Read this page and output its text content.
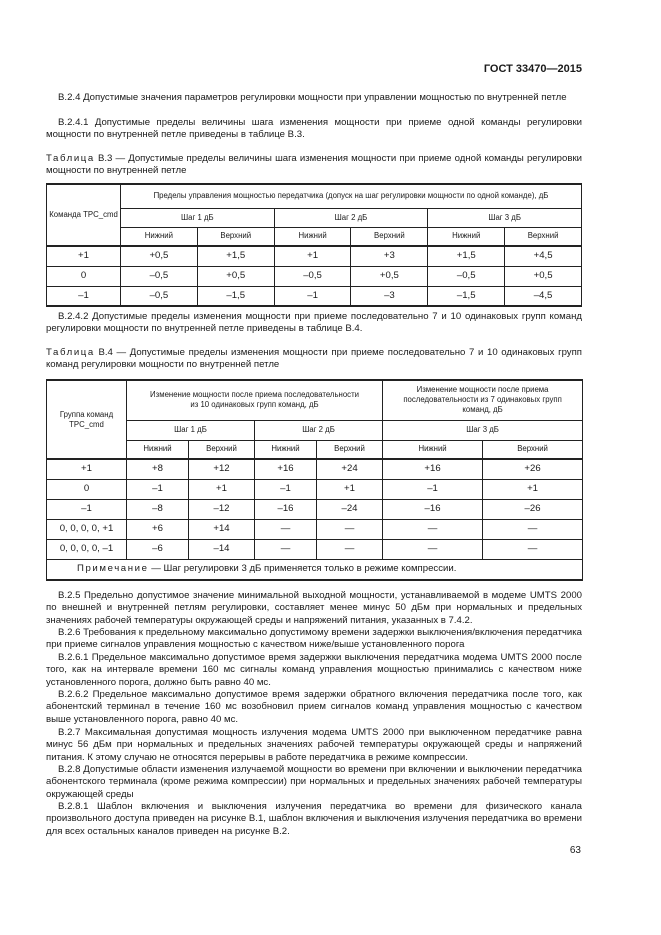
ГОСТ 33470—2015
B.2.4 Допустимые значения параметров регулировки мощности при управлении мощностью по внутренней петле
B.2.4.1 Допустимые пределы величины шага изменения мощности при приеме одной команды регулировки мощности по внутренней петле приведены в таблице B.3.
Таблица B.3 — Допустимые пределы величины шага изменения мощности при приеме одной команды регулировки мощности по внутренней петле
Команда TPC_cmd	Пределы управления мощностью передатчика (допуск на шаг регулировки мощности по одной команде), дБ					
	Шаг 1 дБ		Шаг 2 дБ		Шаг 3 дБ	
	Нижний	Верхний	Нижний	Верхний	Нижний	Верхний
+1	+0,5	+1,5	+1	+3	+1,5	+4,5
0	–0,5	+0,5	–0,5	+0,5	–0,5	+0,5
–1	–0,5	–1,5	–1	–3	–1,5	–4,5
B.2.4.2 Допустимые пределы изменения мощности при приеме последовательно 7 и 10 одинаковых групп команд регулировки мощности по внутренней петле приведены в таблице B.4.
Таблица B.4 — Допустимые пределы изменения мощности при приеме последовательно 7 и 10 одинаковых групп команд регулировки мощности по внутренней петле
Группа команд TPC_cmd	Изменение мощности после приема последовательности из 10 одинаковых групп команд, дБ				Изменение мощности после приема последовательности из 7 одинаковых групп команд, дБ	
	Шаг 1 дБ		Шаг 2 дБ		Шаг 3 дБ	
	Нижний	Верхний	Нижний	Верхний	Нижний	Верхний
+1	+8	+12	+16	+24	+16	+26
0	–1	+1	–1	+1	–1	+1
–1	–8	–12	–16	–24	–16	–26
0, 0, 0, 0, +1	+6	+14	—	—	—	—
0, 0, 0, 0, –1	–6	–14	—	—	—	—
Примечание — Шаг регулировки 3 дБ применяется только в режиме компрессии.						
B.2.5 Предельно допустимое значение минимальной выходной мощности, устанавливаемой в модеме UMTS 2000 по внешней и внутренней петлям регулировки, составляет менее минус 50 дБм при нормальных и предельных значениях рабочей температуры окружающей среды и напряжений питания, указанных в 7.4.2.
B.2.6 Требования к предельному максимально допустимому времени задержки выключения/включения передатчика при приеме сигналов управления мощностью с качеством ниже/выше установленного порога
B.2.6.1 Предельное максимально допустимое время задержки выключения передатчика модема UMTS 2000 после того, как на интервале времени 160 мс сигналы команд управления мощностью принимались с качеством ниже установленного порога, должно быть равно 40 мс.
B.2.6.2 Предельное максимально допустимое время задержки обратного включения передатчика после того, как абонентский терминал в течение 160 мс возобновил прием сигналов команд управления мощностью с качеством выше установленного порога, равно 40 мс.
B.2.7 Максимальная допустимая мощность излучения модема UMTS 2000 при выключенном передатчике равна минус 56 дБм при нормальных и предельных значениях рабочей температуры окружающей среды и напряжений питания. К этому случаю не относятся перерывы в работе передатчика в режиме компрессии.
B.2.8 Допустимые области изменения излучаемой мощности во времени при включении и выключении передатчика абонентского терминала (кроме режима компрессии) при нормальных и предельных значениях рабочей температуры окружающей среды
B.2.8.1 Шаблон включения и выключения излучения передатчика во времени для физического канала произвольного доступа приведен на рисунке B.1, шаблон включения и выключения излучения передатчика во времени для всех остальных каналов приведен на рисунке B.2.
63
